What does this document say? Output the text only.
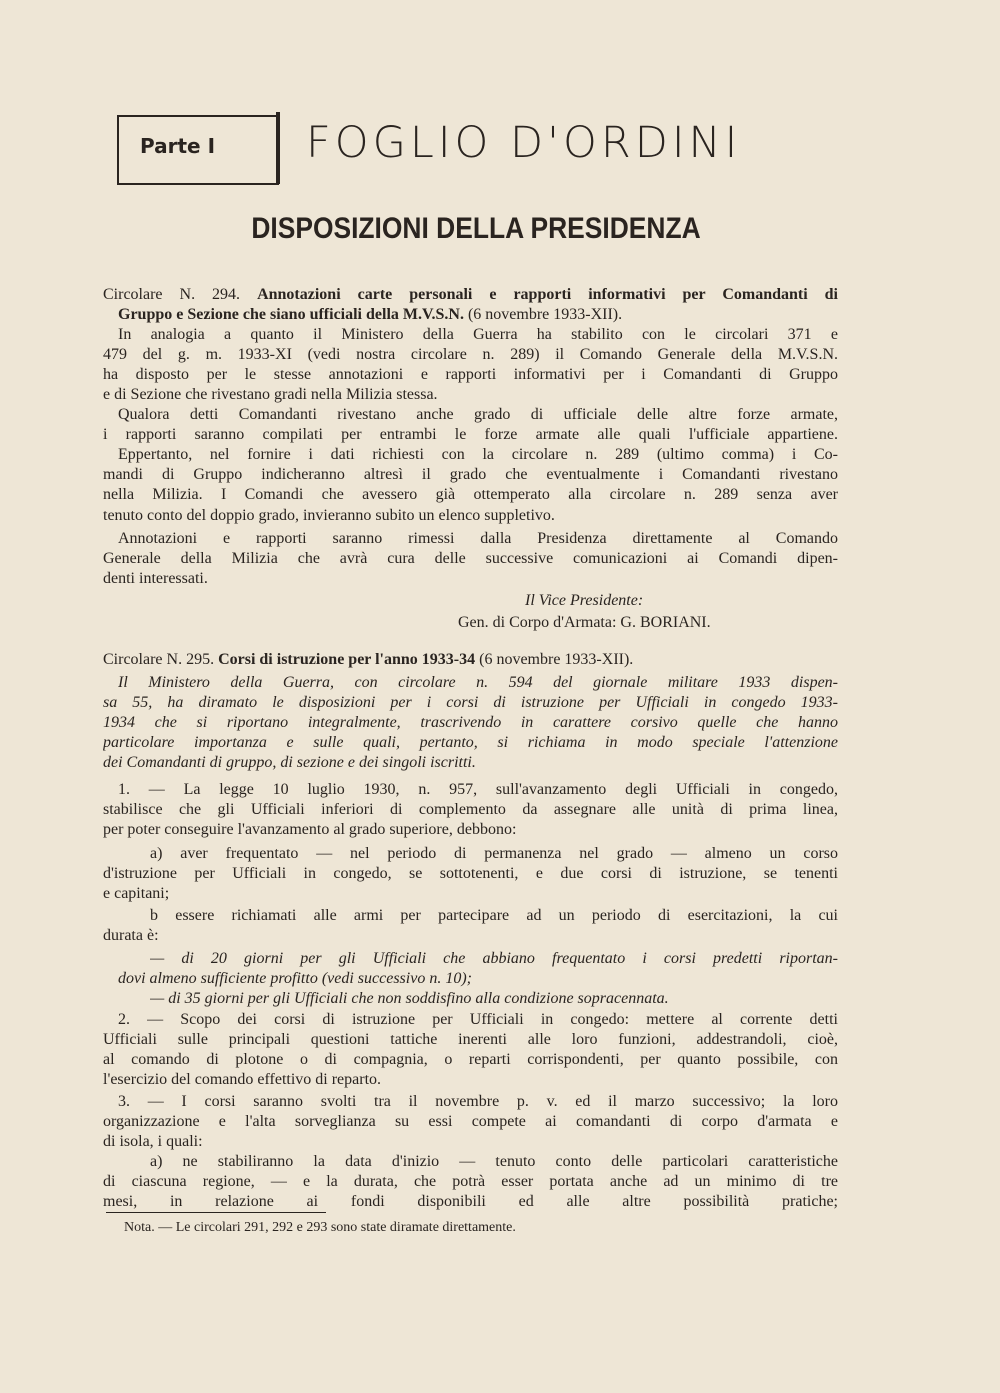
Parte I FOGLIO D'ORDINI
DISPOSIZIONI DELLA PRESIDENZA
Circolare N. 294. Annotazioni carte personali e rapporti informativi per Comandanti di
Gruppo e Sezione che siano ufficiali della M.V.S.N. (6 novembre 1933-XII).
In analogia a quanto il Ministero della Guerra ha stabilito con le circolari 371 e
479 del g. m. 1933-XI (vedi nostra circolare n. 289) il Comando Generale della M.V.S.N.
ha disposto per le stesse annotazioni e rapporti informativi per i Comandanti di Gruppo
e di Sezione che rivestano gradi nella Milizia stessa.
Qualora detti Comandanti rivestano anche grado di ufficiale delle altre forze armate,
i rapporti saranno compilati per entrambi le forze armate alle quali l'ufficiale appartiene.
Eppertanto, nel fornire i dati richiesti con la circolare n. 289 (ultimo comma) i Co-
mandi di Gruppo indicheranno altresì il grado che eventualmente i Comandanti rivestano
nella Milizia. I Comandi che avessero già ottemperato alla circolare n. 289 senza aver
tenuto conto del doppio grado, invieranno subito un elenco suppletivo.
Annotazioni e rapporti saranno rimessi dalla Presidenza direttamente al Comando
Generale della Milizia che avrà cura delle successive comunicazioni ai Comandi dipen-
denti interessati.
Il Vice Presidente:
Gen. di Corpo d'Armata: G. BORIANI.
Circolare N. 295. Corsi di istruzione per l'anno 1933-34 (6 novembre 1933-XII).
Il Ministero della Guerra, con circolare n. 594 del giornale militare 1933 dispen-
sa 55, ha diramato le disposizioni per i corsi di istruzione per Ufficiali in congedo 1933-
1934 che si riportano integralmente, trascrivendo in carattere corsivo quelle che hanno
particolare importanza e sulle quali, pertanto, si richiama in modo speciale l'attenzione
dei Comandanti di gruppo, di sezione e dei singoli iscritti.
1. — La legge 10 luglio 1930, n. 957, sull'avanzamento degli Ufficiali in congedo,
stabilisce che gli Ufficiali inferiori di complemento da assegnare alle unità di prima linea,
per poter conseguire l'avanzamento al grado superiore, debbono:
a) aver frequentato — nel periodo di permanenza nel grado — almeno un corso
d'istruzione per Ufficiali in congedo, se sottotenenti, e due corsi di istruzione, se tenenti
e capitani;
b essere richiamati alle armi per partecipare ad un periodo di esercitazioni, la cui
durata è:
— di 20 giorni per gli Ufficiali che abbiano frequentato i corsi predetti riportan-
dovi almeno sufficiente profitto (vedi successivo n. 10);
— di 35 giorni per gli Ufficiali che non soddisfino alla condizione sopracennata.
2. — Scopo dei corsi di istruzione per Ufficiali in congedo: mettere al corrente detti
Ufficiali sulle principali questioni tattiche inerenti alle loro funzioni, addestrandoli, cioè,
al comando di plotone o di compagnia, o reparti corrispondenti, per quanto possibile, con
l'esercizio del comando effettivo di reparto.
3. — I corsi saranno svolti tra il novembre p. v. ed il marzo successivo; la loro
organizzazione e l'alta sorveglianza su essi compete ai comandanti di corpo d'armata e
di isola, i quali:
a) ne stabiliranno la data d'inizio — tenuto conto delle particolari caratteristiche
di ciascuna regione, — e la durata, che potrà esser portata anche ad un minimo di tre
mesi, in relazione ai fondi disponibili ed alle altre possibilità pratiche;
Nota. — Le circolari 291, 292 e 293 sono state diramate direttamente.
